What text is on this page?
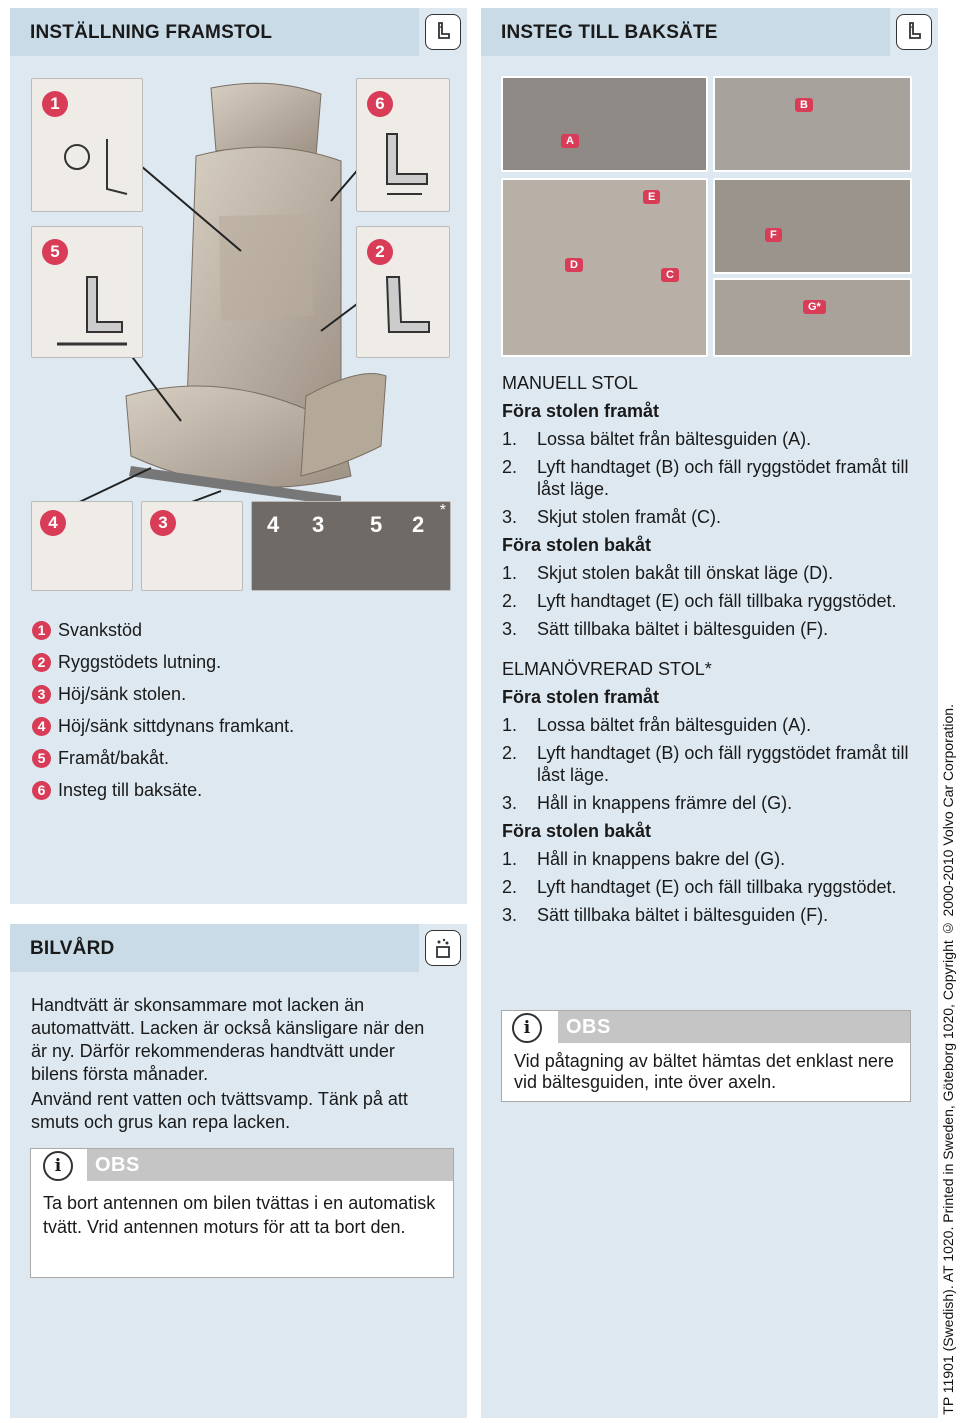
INSTÄLLNING FRAMSTOL
1	6
5	2
4	3	4 3 5 2
*
1 Svankstöd
2 Ryggstödets lutning.
3 Höj/sänk stolen.
4 Höj/sänk sittdynans framkant.
5 Framåt/bakåt.
6 Insteg till baksäte.
BILVÅRD
Handtvätt är skonsammare mot lacken än automattvätt. Lacken är också känsligare när den är ny. Därför rekommenderas handtvätt under bilens första månader.
Använd rent vatten och tvättsvamp. Tänk på att smuts och grus kan repa lacken.
i	OBS
Ta bort antennen om bilen tvättas i en automatisk tvätt. Vrid antennen moturs för att ta bort den.
INSTEG TILL BAKSÄTE
A
B
D
C
E
F
G*
MANUELL STOL
Föra stolen framåt
1.	Lossa bältet från bältesguiden (A).
2.	Lyft handtaget (B) och fäll ryggstödet framåt till låst läge.
3.	Skjut stolen framåt (C).
Föra stolen bakåt
1.	Skjut stolen bakåt till önskat läge (D).
2.	Lyft handtaget (E) och fäll tillbaka ryggstödet.
3.	Sätt tillbaka bältet i bältesguiden (F).
ELMANÖVRERAD STOL*
Föra stolen framåt
1.	Lossa bältet från bältesguiden (A).
2.	Lyft handtaget (B) och fäll ryggstödet framåt till låst läge.
3.	Håll in knappens främre del (G).
Föra stolen bakåt
1.	Håll in knappens bakre del (G).
2.	Lyft handtaget (E) och fäll tillbaka ryggstödet.
3.	Sätt tillbaka bältet i bältesguiden (F).
i	OBS
Vid påtagning av bältet hämtas det enklast nere vid bältesguiden, inte över axeln.	TP 11901 (Swedish). AT 1020. Printed in Sweden, Göteborg 1020, Copyright © 2000-2010 Volvo Car Corporation.
